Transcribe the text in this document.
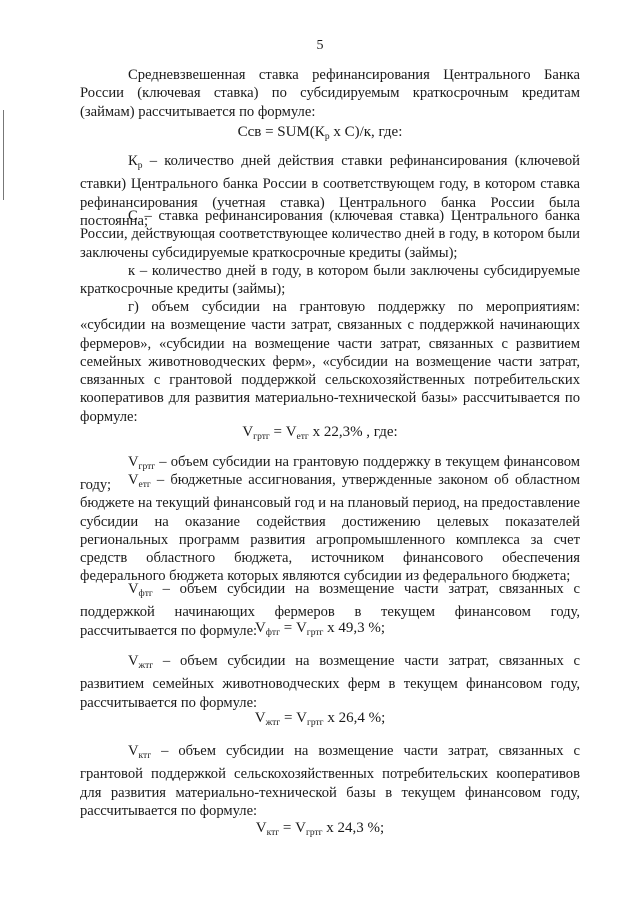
5

Средневзвешенная ставка рефинансирования Центрального Банка России (ключевая ставка) по субсидируемым краткосрочным кредитам (займам) рассчитывается по формуле:

Cсв = $SUM(К_р$ x С)/к, где:

$К_р$ – количество дней действия ставки рефинансирования (ключевой ставки) Центрального банка России в соответствующем году, в котором ставка рефинансирования (учетная ставка) Центрального банка России была постоянна;

С – ставка рефинансирования (ключевая ставка) Центрального банка России, действующая соответствующее количество дней в году, в котором были заключены субсидируемые краткосрочные кредиты (займы);

к – количество дней в году, в котором были заключены субсидируемые краткосрочные кредиты (займы);

г) объем субсидии на грантовую поддержку по мероприятиям: «субсидии на возмещение части затрат, связанных с поддержкой начинающих фермеров», «субсидии на возмещение части затрат, связанных с развитием семейных животноводческих ферм», «субсидии на возмещение части затрат, связанных с грантовой поддержкой сельскохозяйственных потребительских кооперативов для развития материально-технической базы» рассчитывается по формуле:

$V_{гртг} = V_{етг}$ x 22,3% , где:

$V_{гртг}$ – объем субсидии на грантовую поддержку в текущем финансовом году;	$V_{етг}$ – бюджетные ассигнования, утвержденные законом об областном бюджете на текущий финансовый год и на плановый период, на предоставление субсидии на оказание содействия достижению целевых показателей региональных программ развития агропромышленного комплекса за счет средств областного бюджета, источником финансового обеспечения федерального бюджета которых являются субсидии из федерального бюджета;

$V_{фтг}$ – объем субсидии на возмещение части затрат, связанных с поддержкой начинающих фермеров в текущем финансовом году, рассчитывается по формуле:

$V_{фтг} = V_{гртг}$ x 49,3 %;

$V_{жтг}$ – объем субсидии на возмещение части затрат, связанных с развитием семейных животноводческих ферм в текущем финансовом году, рассчитывается по формуле:

$V_{жтг} = V_{гртг}$ x 26,4 %;

$V_{ктг}$ – объем субсидии на возмещение части затрат, связанных с грантовой поддержкой сельскохозяйственных потребительских кооперативов для развития материально-технической базы в текущем финансовом году, рассчитывается по формуле:

$V_{ктг} = V_{гртг}$ x 24,3 %;
